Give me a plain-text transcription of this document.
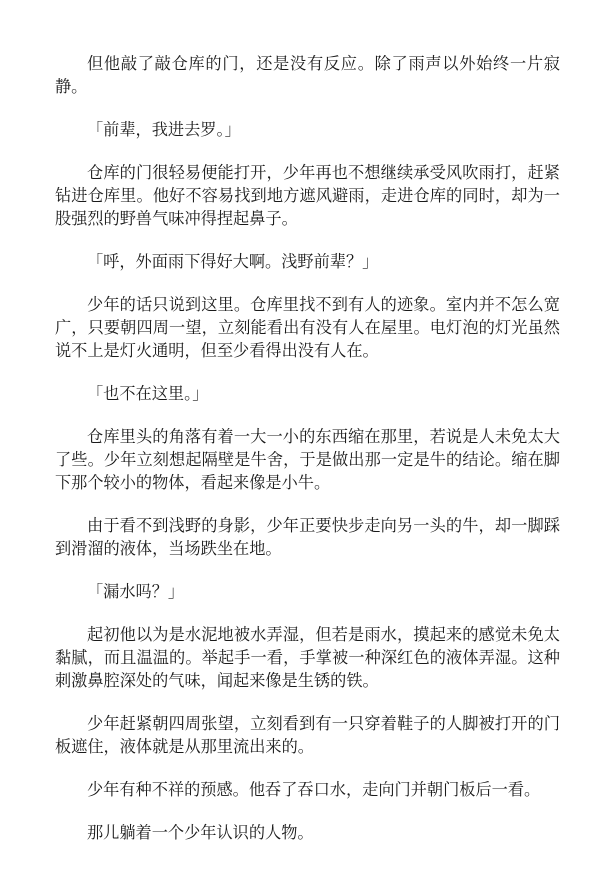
但他敲了敲仓库的门，还是没有反应。除了雨声以外始终一片寂静。

「前辈，我进去罗。」

仓库的门很轻易便能打开，少年再也不想继续承受风吹雨打，赶紧钻进仓库里。他好不容易找到地方遮风避雨，走进仓库的同时，却为一股强烈的野兽气味冲得捏起鼻子。

「呼，外面雨下得好大啊。浅野前辈？」

少年的话只说到这里。仓库里找不到有人的迹象。室内并不怎么宽广，只要朝四周一望，立刻能看出有没有人在屋里。电灯泡的灯光虽然说不上是灯火通明，但至少看得出没有人在。

「也不在这里。」

仓库里头的角落有着一大一小的东西缩在那里，若说是人未免太大了些。少年立刻想起隔壁是牛舍，于是做出那一定是牛的结论。缩在脚下那个较小的物体，看起来像是小牛。

由于看不到浅野的身影，少年正要快步走向另一头的牛，却一脚踩到滑溜的液体，当场跌坐在地。

「漏水吗？」

起初他以为是水泥地被水弄湿，但若是雨水，摸起来的感觉未免太黏腻，而且温温的。举起手一看，手掌被一种深红色的液体弄湿。这种刺激鼻腔深处的气味，闻起来像是生锈的铁。

少年赶紧朝四周张望，立刻看到有一只穿着鞋子的人脚被打开的门板遮住，液体就是从那里流出来的。

少年有种不祥的预感。他吞了吞口水，走向门并朝门板后一看。

那儿躺着一个少年认识的人物。
